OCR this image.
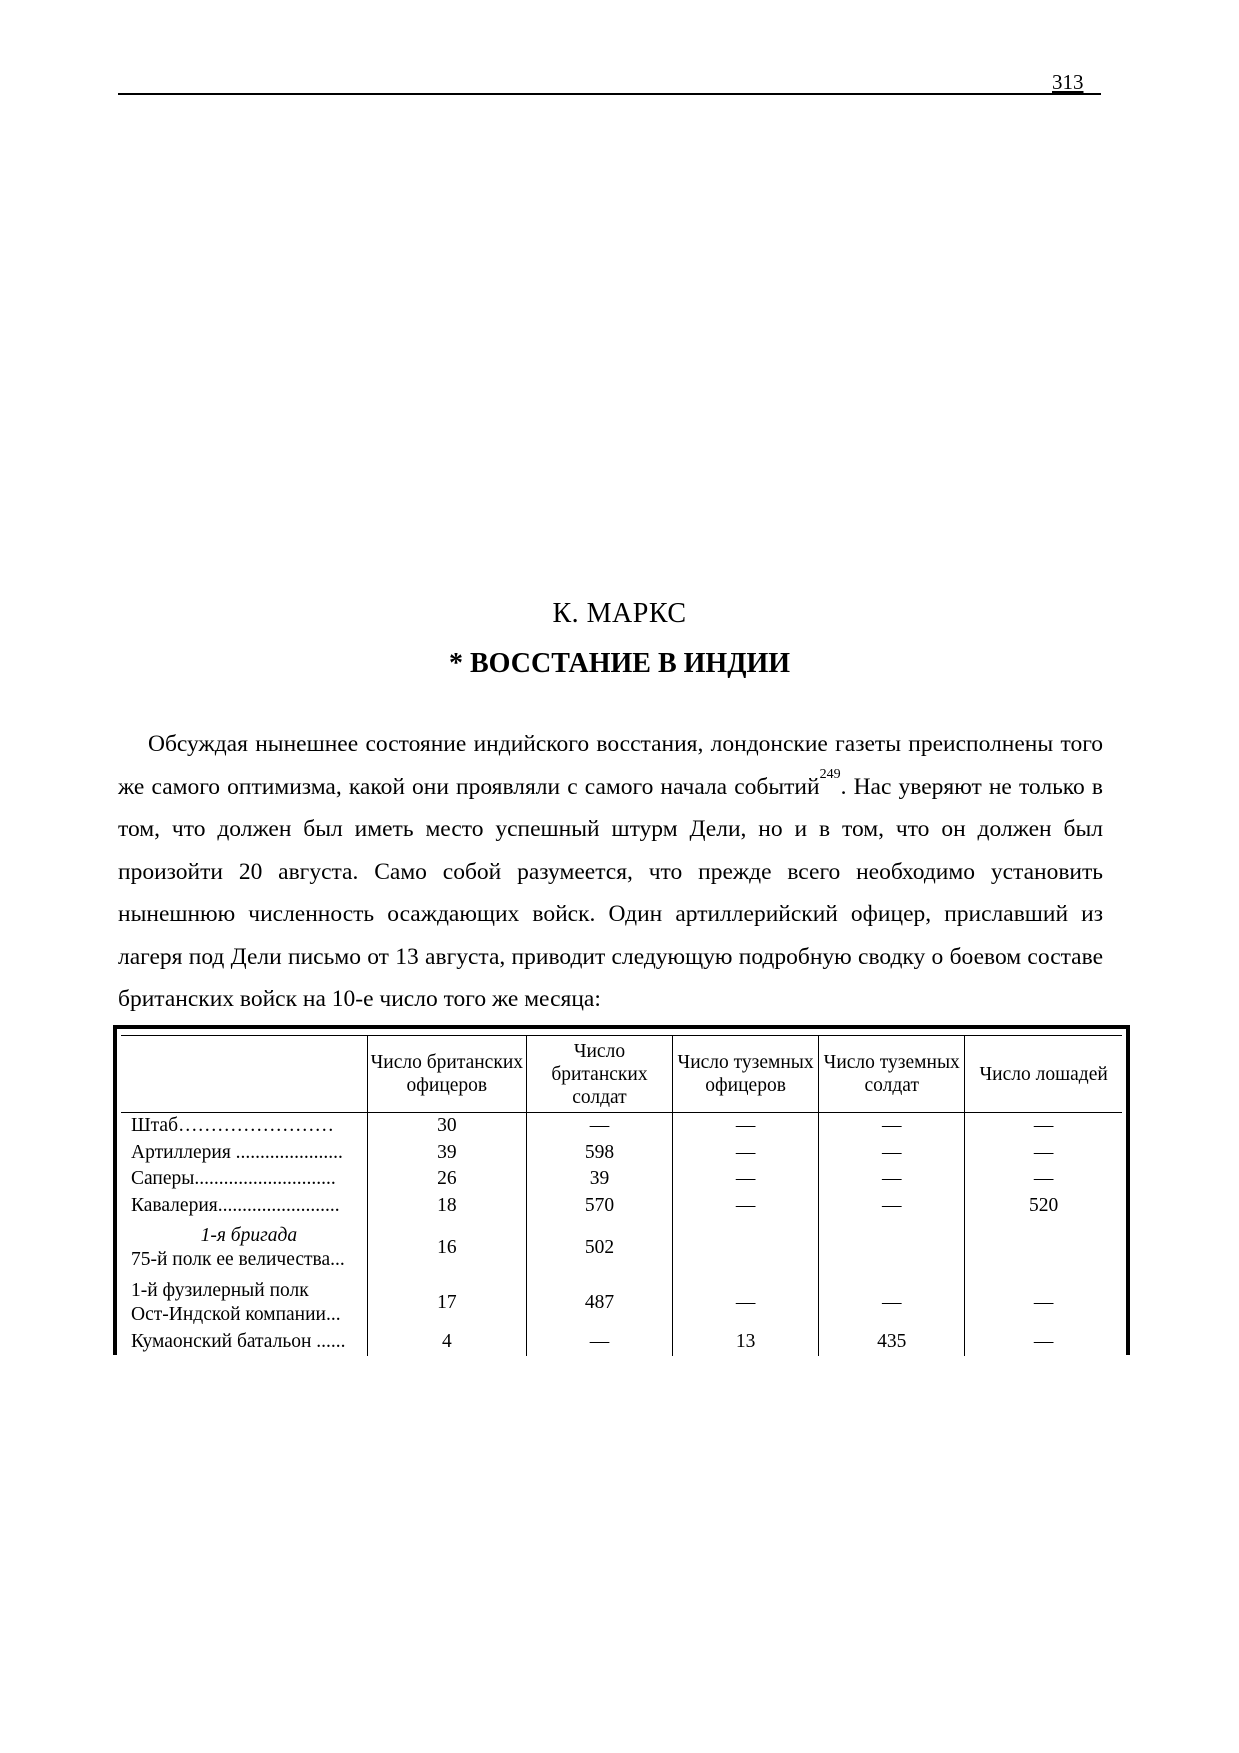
313
К. МАРКС
* ВОССТАНИЕ В ИНДИИ

Обсуждая нынешнее состояние индийского восстания, лондонские газеты преисполнены того же самого оптимизма, какой они проявляли с самого начала событий$^{249}$. Нас уверяют не только в том, что должен был иметь место успешный штурм Дели, но и в том, что он должен был произойти 20 августа. Само собой разумеется, что прежде всего необходимо установить нынешнюю численность осаждающих войск. Один артиллерийский офицер, приславший из лагеря под Дели письмо от 13 августа, приводит следующую подробную сводку о боевом составе британских войск на 10-е число того же месяца:

	Число британских офицеров	Число британских солдат	Число туземных офицеров	Число туземных солдат	Число лошадей
Штаб……………………	30	—	—	—	—
Артиллерия ......................	39	598	—	—	—
Саперы.............................	26	39	—	—	—
Кавалерия.........................	18	570	—	—	520

1-я бригада
75-й полк ее величества...	16	502			

1-й фузилерный полк
Ост-Индской компании...	17	487	—	—	—
Кумаонский батальон ......	4	—	13	435	—
